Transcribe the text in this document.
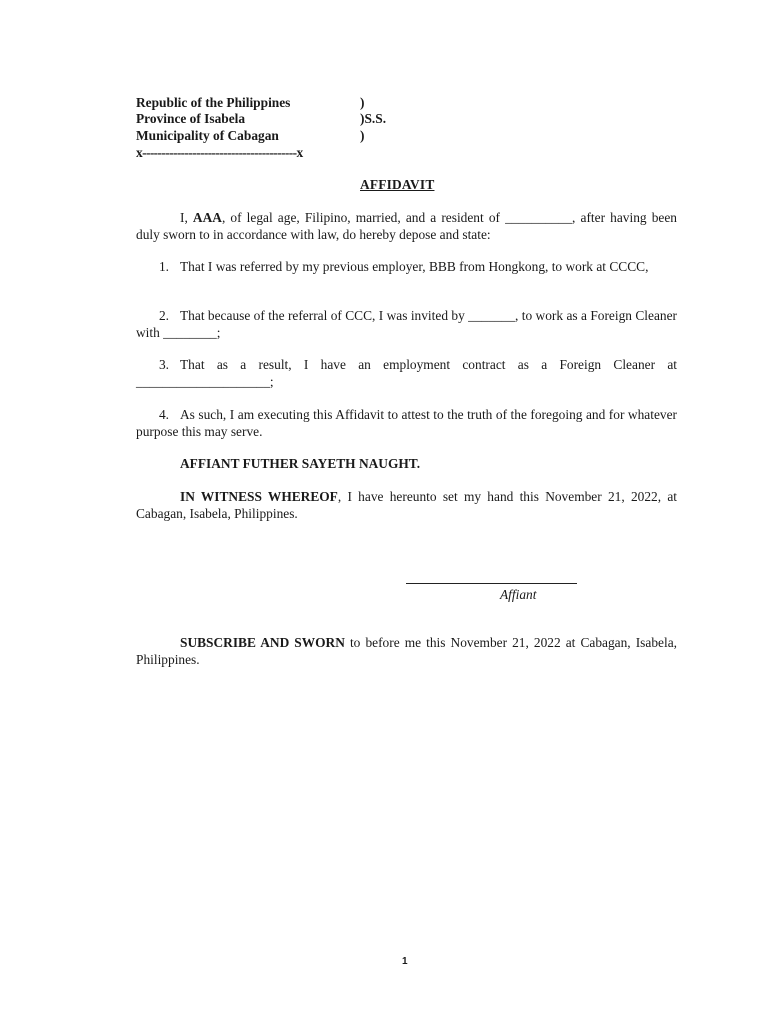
Republic of the Philippines	)
Province of Isabela	)S.S.
Municipality of Cabagan	)
x----------------------------------------x
AFFIDAVIT
I, AAA, of legal age, Filipino, married, and a resident of __________, after having been duly sworn to in accordance with law, do hereby depose and state:
1. That I was referred by my previous employer, BBB from Hongkong, to work at CCCC,
2. That because of the referral of CCC, I was invited by _______, to work as a Foreign Cleaner with ________;
3. That as a result, I have an employment contract as a Foreign Cleaner at ____________________;
4. As such, I am executing this Affidavit to attest to the truth of the foregoing and for whatever purpose this may serve.
AFFIANT FUTHER SAYETH NAUGHT.
IN WITNESS WHEREOF, I have hereunto set my hand this November 21, 2022, at Cabagan, Isabela, Philippines.
Affiant
SUBSCRIBE AND SWORN to before me this November 21, 2022 at Cabagan, Isabela, Philippines.
1
